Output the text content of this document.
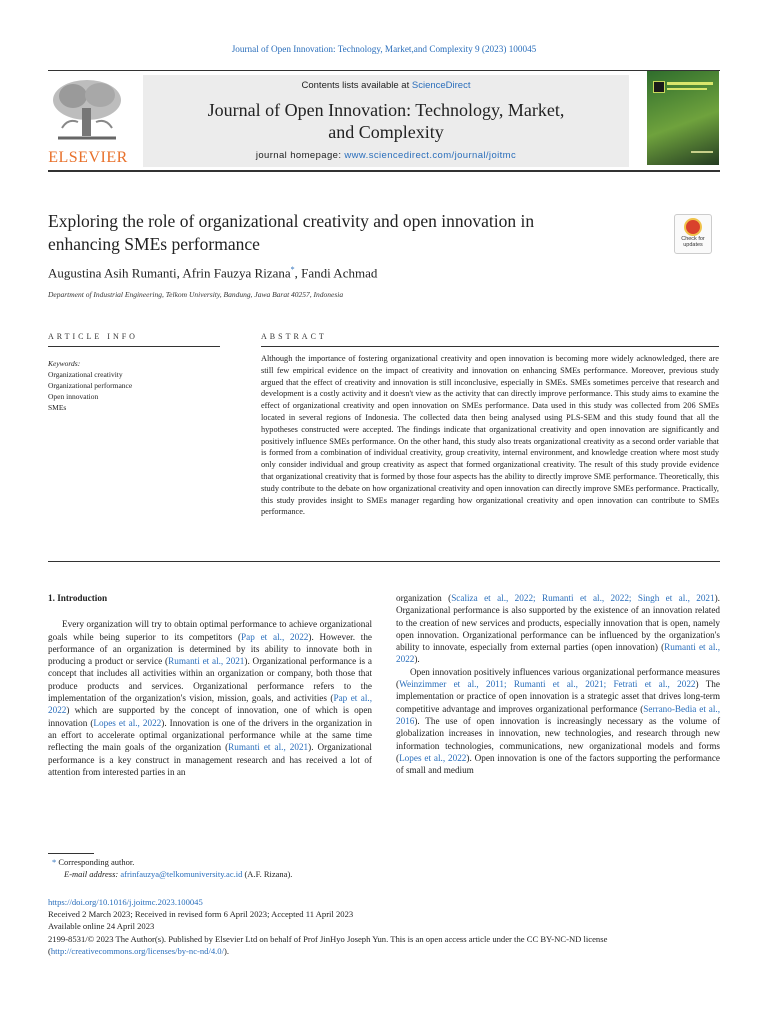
Journal of Open Innovation: Technology, Market,and Complexity 9 (2023) 100045
ELSEVIER
Contents lists available at ScienceDirect
Journal of Open Innovation: Technology, Market,
and Complexity
journal homepage: www.sciencedirect.com/journal/joitmc
Exploring the role of organizational creativity and open innovation in enhancing SMEs performance	Check for
updates
Augustina Asih Rumanti, Afrin Fauzya Rizana*, Fandi Achmad
Department of Industrial Engineering, Telkom University, Bandung, Jawa Barat 40257, Indonesia
ARTICLE INFO	ABSTRACT
Keywords:
Organizational creativity
Organizational performance
Open innovation
SMEs
Although the importance of fostering organizational creativity and open innovation is becoming more widely acknowledged, there are still few empirical evidence on the impact of creativity and innovation on enhancing SMEs performance. Moreover, previous study argued that the effect of creativity and innovation is still inconclusive, especially in SMEs. SMEs sometimes perceive that research and development is a costly activity and it doesn't view as the activity that can directly improve performance. This study aims to examine the effect of organizational creativity and open innovation on SMEs performance. Data used in this study was collected from 206 SMEs located in several regions of Indonesia. The collected data then being analysed using PLS-SEM and this study found that all the hypotheses constructed were accepted. The findings indicate that organizational creativity and open innovation are significantly and positively influence SMEs performance. On the other hand, this study also treats organizational creativity as a second order variable that is formed from a combination of individual creativity, group creativity, internal environment, and knowledge creation where most study only consider individual and group creativity as aspect that formed organizational creativity. The result of this study provide evidence that organizational creativity that is formed by those four aspects has the ability to directly improve SME performance. Theoretically, this study contribute to the debate on how organizational creativity and open innovation can directly improve SMEs performance. Practically, this study provides insight to SMEs manager regarding how organizational creativity and open innovation can contribute to SMEs performance.
1. Introduction

Every organization will try to obtain optimal performance to achieve organizational goals while being superior to its competitors (Pap et al., 2022). However. the performance of an organization is determined by its ability to innovate both in producing a product or service (Rumanti et al., 2021). Organizational performance is a concept that includes all activities within an organization or company, both those that produce products and services. Organizational performance refers to the implementation of the organization's vision, mission, goals, and activities (Pap et al., 2022) which are supported by the concept of innovation, one of which is open innovation (Lopes et al., 2022). Innovation is one of the drivers in the organization in an effort to accelerate optimal organizational performance while at the same time reflecting the main goals of the organization (Rumanti et al., 2021). Organizational performance is a key construct in management research and has received a lot of attention from interested parties in an

organization (Scaliza et al., 2022; Rumanti et al., 2022; Singh et al., 2021). Organizational performance is also supported by the existence of an innovation related to the creation of new services and products, especially innovation that is open, namely open innovation. Organizational performance can be influenced by the organization's ability to innovate, especially from external parties (open innovation) (Rumanti et al., 2022).

Open innovation positively influences various organizational performance measures (Weinzimmer et al., 2011; Rumanti et al., 2021; Fetrati et al., 2022) The implementation or practice of open innovation is a strategic asset that drives long-term competitive advantage and improves organizational performance (Serrano-Bedia et al., 2016). The use of open innovation is increasingly necessary as the volume of globalization increases in innovation, new technologies, and research through new information technologies, communications, new organizational models and forms (Lopes et al., 2022). Open innovation is one of the factors supporting the performance of small and medium

* Corresponding author.
E-mail address: afrinfauzya@telkomuniversity.ac.id (A.F. Rizana).
https://doi.org/10.1016/j.joitmc.2023.100045
Received 2 March 2023; Received in revised form 6 April 2023; Accepted 11 April 2023
Available online 24 April 2023
2199-8531/© 2023 The Author(s). Published by Elsevier Ltd on behalf of Prof JinHyo Joseph Yun. This is an open access article under the CC BY-NC-ND license (http://creativecommons.org/licenses/by-nc-nd/4.0/).
